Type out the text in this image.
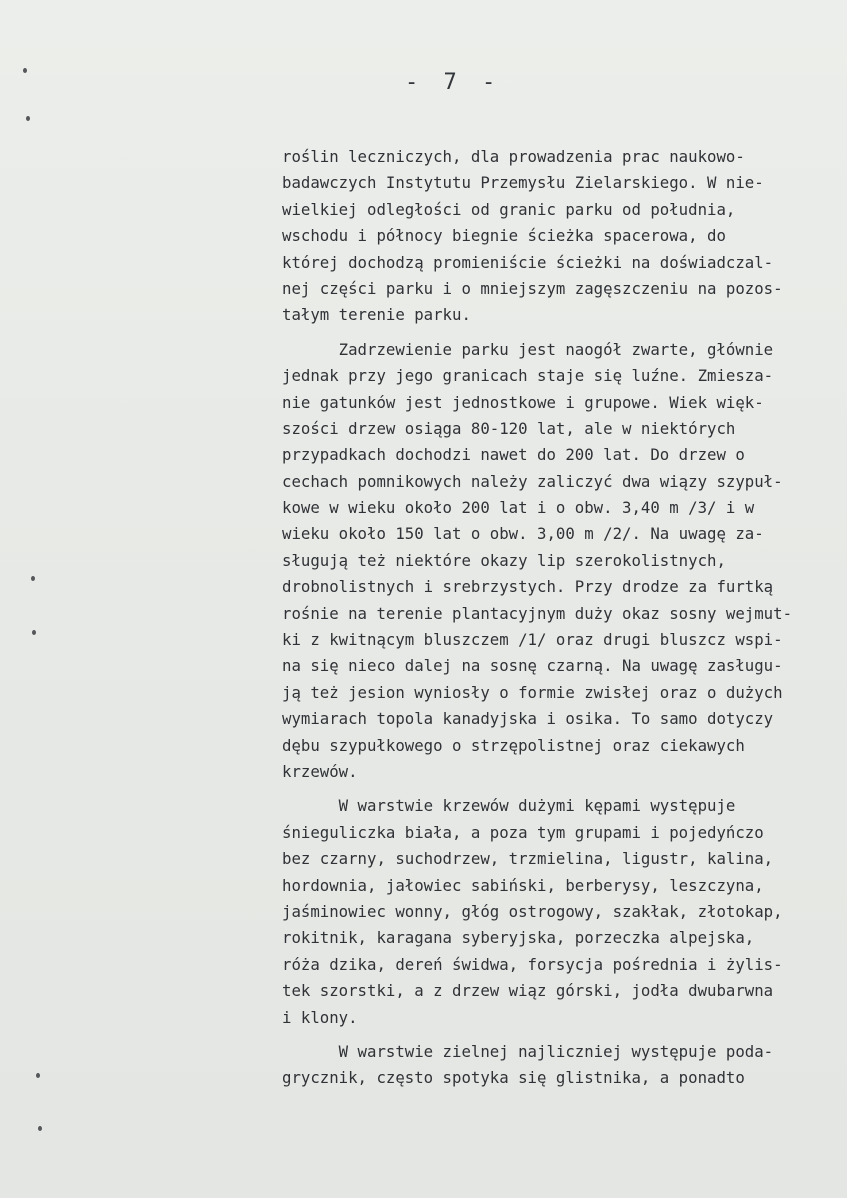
- 7 -
roślin leczniczych, dla prowadzenia prac naukowo-
badawczych Instytutu Przemysłu Zielarskiego. W nie-
wielkiej odległości od granic parku od południa,
wschodu i północy biegnie ścieżka spacerowa, do
której dochodzą promieniście ścieżki na doświadczal-
nej części parku i o mniejszym zagęszczeniu na pozos-
tałym terenie parku.
Zadrzewienie parku jest naogół zwarte, głównie
jednak przy jego granicach staje się luźne. Zmiesza-
nie gatunków jest jednostkowe i grupowe. Wiek więk-
szości drzew osiąga 80-120 lat, ale w niektórych
przypadkach dochodzi nawet do 200 lat. Do drzew o
cechach pomnikowych należy zaliczyć dwa wiązy szypuł-
kowe w wieku około 200 lat i o obw. 3,40 m /3/ i w
wieku około 150 lat o obw. 3,00 m /2/. Na uwagę za-
sługują też niektóre okazy lip szerokolistnych,
drobnolistnych i srebrzystych. Przy drodze za furtką
rośnie na terenie plantacyjnym duży okaz sosny wejmut-
ki z kwitnącym bluszczem /1/ oraz drugi bluszcz wspi-
na się nieco dalej na sosnę czarną. Na uwagę zasługu-
ją też jesion wyniosły o formie zwisłej oraz o dużych
wymiarach topola kanadyjska i osika. To samo dotyczy
dębu szypułkowego o strzępolistnej oraz ciekawych
krzewów.
W warstwie krzewów dużymi kępami występuje
śnieguliczka biała, a poza tym grupami i pojedyńczo
bez czarny, suchodrzew, trzmielina, ligustr, kalina,
hordownia, jałowiec sabiński, berberysy, leszczyna,
jaśminowiec wonny, głóg ostrogowy, szakłak, złotokap,
rokitnik, karagana syberyjska, porzeczka alpejska,
róża dzika, dereń świdwa, forsycja pośrednia i żylis-
tek szorstki, a z drzew wiąz górski, jodła dwubarwna
i klony.
W warstwie zielnej najliczniej występuje poda-
grycznik, często spotyka się glistnika, a ponadto
